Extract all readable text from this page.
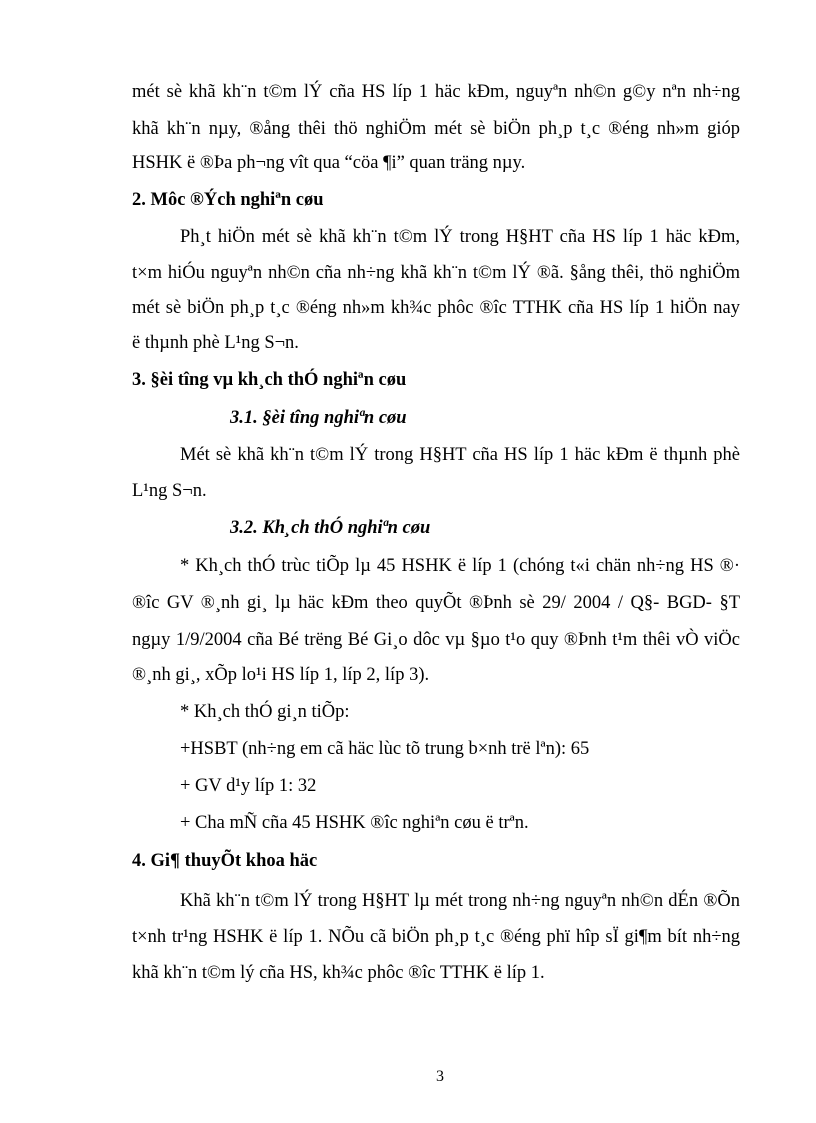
mét sè khã kh¨n t©m lÝ cña HS líp 1 häc kÐm, nguyªn nh©n g©y nªn nh÷ng
khã kh¨n nµy, ®ång thêi thö nghiÖm mét sè biÖn ph¸p t¸c ®éng nh»m gióp
HSHK ë ®Þa ph¬ng vît qua “cöa ¶i” quan träng nµy.
2. Môc ®Ých nghiªn cøu
Ph¸t hiÖn mét sè khã kh¨n t©m lÝ trong H§HT cña HS líp 1 häc kÐm,
t×m hiÓu nguyªn nh©n cña nh÷ng khã kh¨n t©m lÝ ®ã. §ång thêi, thö nghiÖm
mét sè biÖn ph¸p t¸c ®éng nh»m kh¾c phôc ®îc TTHK cña HS líp 1 hiÖn nay
ë thµnh phè L¹ng S¬n.
3. §èi tîng vµ kh¸ch thÓ nghiªn cøu
3.1. §èi tîng nghiªn cøu
Mét sè khã kh¨n t©m lÝ trong H§HT cña HS líp 1 häc kÐm ë thµnh phè
L¹ng S¬n.
3.2. Kh¸ch thÓ nghiªn cøu
* Kh¸ch thÓ trùc tiÕp lµ 45 HSHK ë líp 1 (chóng t«i chän nh÷ng HS ®·
®îc GV ®¸nh gi¸ lµ häc kÐm theo quyÕt ®Þnh sè 29/ 2004 / Q§- BGD- §T
ngµy 1/9/2004 cña Bé trëng Bé Gi¸o dôc vµ §µo t¹o quy ®Þnh t¹m thêi vÒ viÖc
®¸nh gi¸, xÕp lo¹i HS líp 1, líp 2, líp 3).
* Kh¸ch thÓ gi¸n tiÕp:
+HSBT (nh÷ng em cã häc lùc tõ trung b×nh trë lªn): 65
+ GV d¹y líp 1: 32
+ Cha mÑ cña 45 HSHK ®îc nghiªn cøu ë trªn.
4. Gi¶ thuyÕt khoa häc
Khã kh¨n t©m lÝ trong H§HT lµ mét trong nh÷ng nguyªn nh©n dÉn ®Õn
t×nh tr¹ng HSHK ë líp 1. NÕu cã biÖn ph¸p t¸c ®éng phï hîp sÏ gi¶m bít nh÷ng
khã kh¨n t©m lý cña HS, kh¾c phôc ®îc TTHK ë líp 1.
3
